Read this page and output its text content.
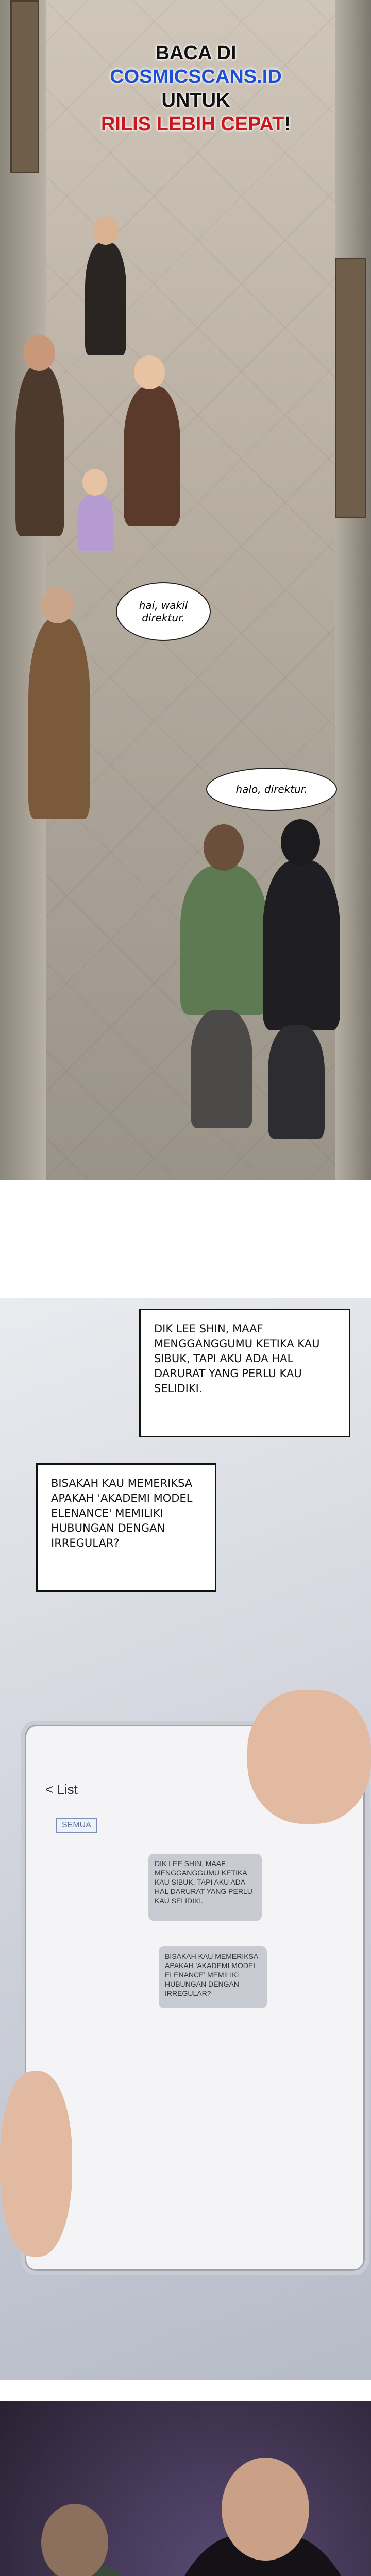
BACA DI
COSMICSCANS.ID UNTUK
RILIS LEBIH CEPAT!
hai, wakil direktur.
halo, direktur.
DIK LEE SHIN, MAAF MENGGANGGUMU KETIKA KAU SIBUK, TAPI AKU ADA HAL DARURAT YANG PERLU KAU SELIDIKI.
BISAKAH KAU MEMERIKSA APAKAH 'AKADEMI MODEL ELENANCE' MEMILIKI HUBUNGAN DENGAN IRREGULAR?
< List
SEMUA
DIK LEE SHIN, MAAF MENGGANGGUMU KETIKA KAU SIBUK, TAPI AKU ADA HAL DARURAT YANG PERLU KAU SELIDIKI.
BISAKAH KAU MEMERIKSA APAKAH 'AKADEMI MODEL ELENANCE' MEMILIKI HUBUNGAN DENGAN IRREGULAR?
